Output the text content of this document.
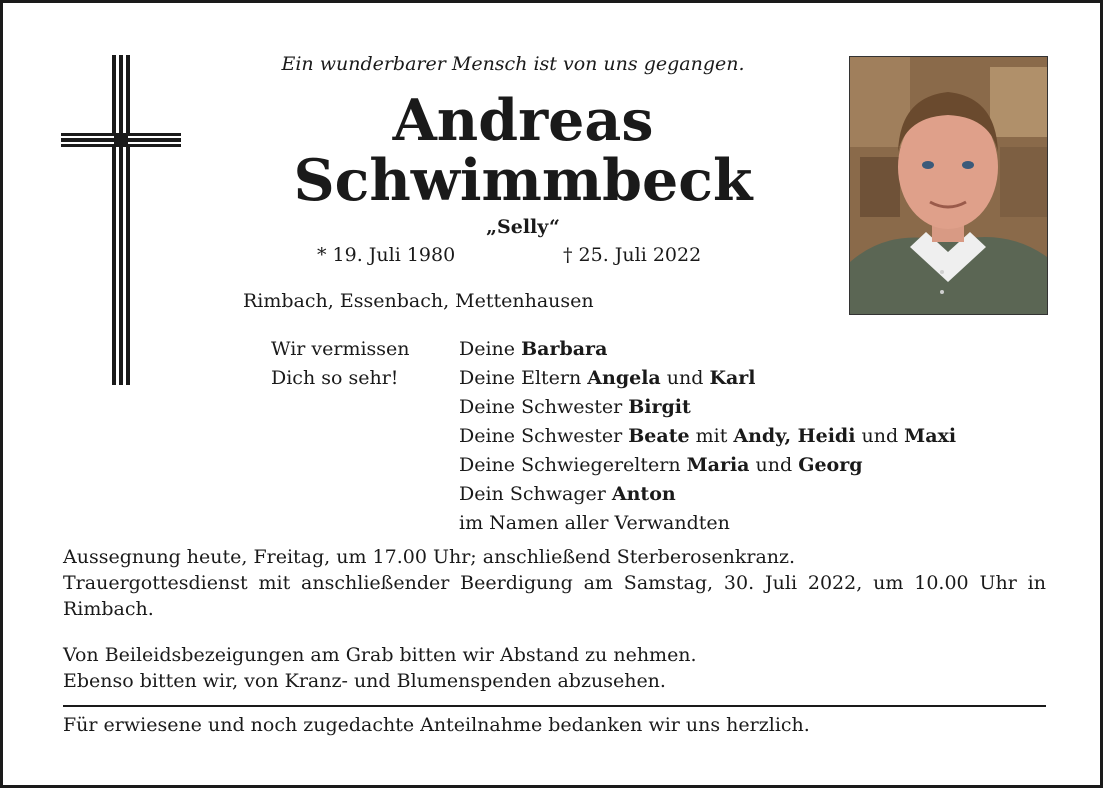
Ein wunderbarer Mensch ist von uns gegangen.
Andreas
Schwimmbeck
„Selly“
* 19. Juli 1980	† 25. Juli 2022
Rimbach, Essenbach, Mettenhausen
Wir vermissen
Dich so sehr!
Deine Barbara
Deine Eltern Angela und Karl
Deine Schwester Birgit
Deine Schwester Beate mit Andy, Heidi und Maxi
Deine Schwiegereltern Maria und Georg
Dein Schwager Anton
im Namen aller Verwandten
Aussegnung heute, Freitag, um 17.00 Uhr; anschließend Sterberosenkranz.
Trauergottesdienst mit anschließender Beerdigung am Samstag, 30. Juli 2022, um 10.00 Uhr in Rimbach.
Von Beileidsbezeigungen am Grab bitten wir Abstand zu nehmen.
Ebenso bitten wir, von Kranz- und Blumenspenden abzusehen.
Für erwiesene und noch zugedachte Anteilnahme bedanken wir uns herzlich.
